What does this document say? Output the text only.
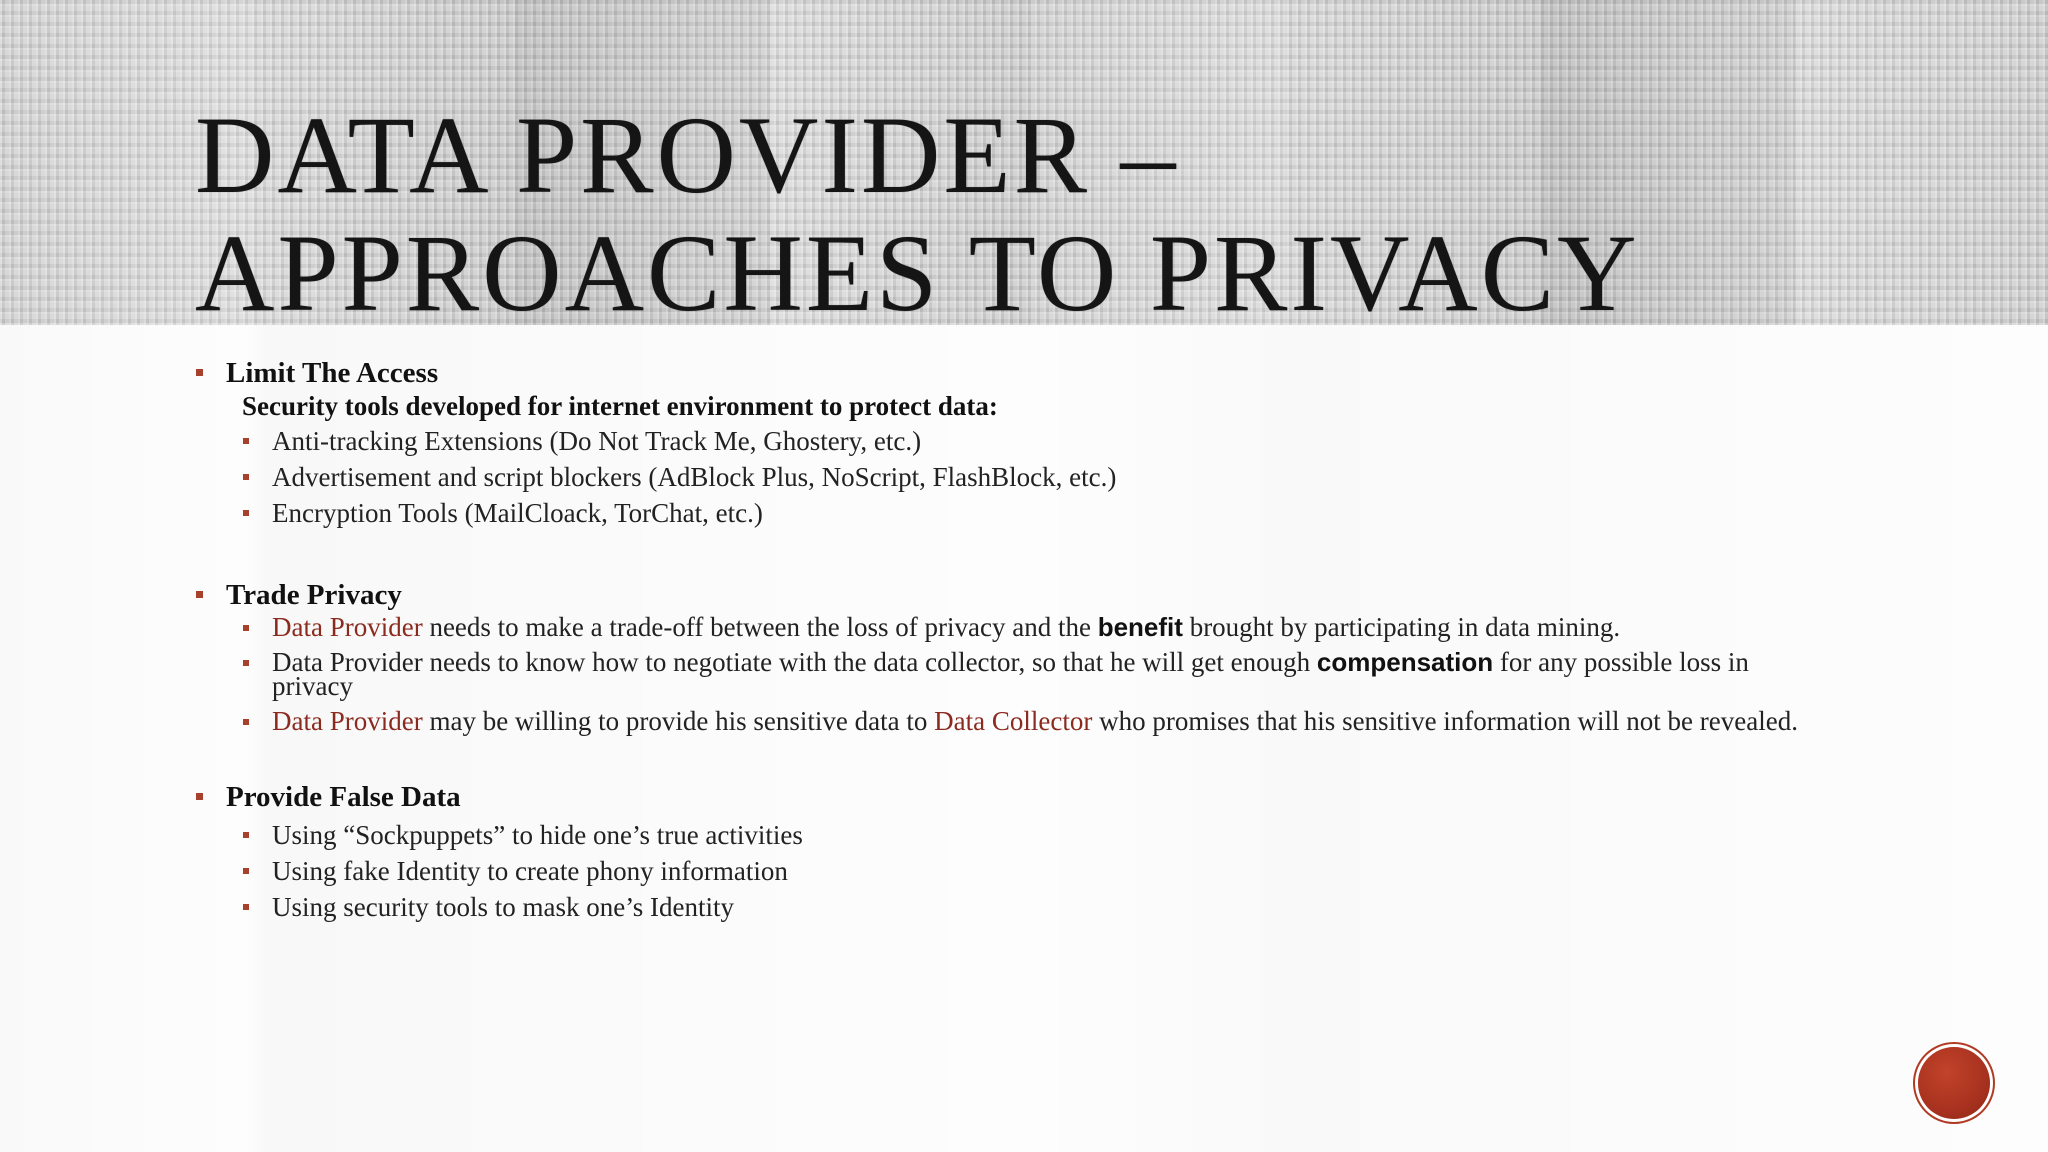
DATA PROVIDER –
APPROACHES TO PRIVACY
Limit The Access
Security tools developed for internet environment to protect data:
Anti-tracking Extensions (Do Not Track Me, Ghostery, etc.)
Advertisement and script blockers (AdBlock Plus, NoScript, FlashBlock, etc.)
Encryption Tools (MailCloack, TorChat, etc.)
Trade Privacy
Data Provider needs to make a trade-off between the loss of privacy and the benefit brought by participating in data mining.
Data Provider needs to know how to negotiate with the data collector, so that he will get enough compensation for any possible loss in privacy
Data Provider may be willing to provide his sensitive data to Data Collector who promises that his sensitive information will not be revealed.
Provide False Data
Using “Sockpuppets” to hide one’s true activities
Using fake Identity to create phony information
Using security tools to mask one’s Identity
